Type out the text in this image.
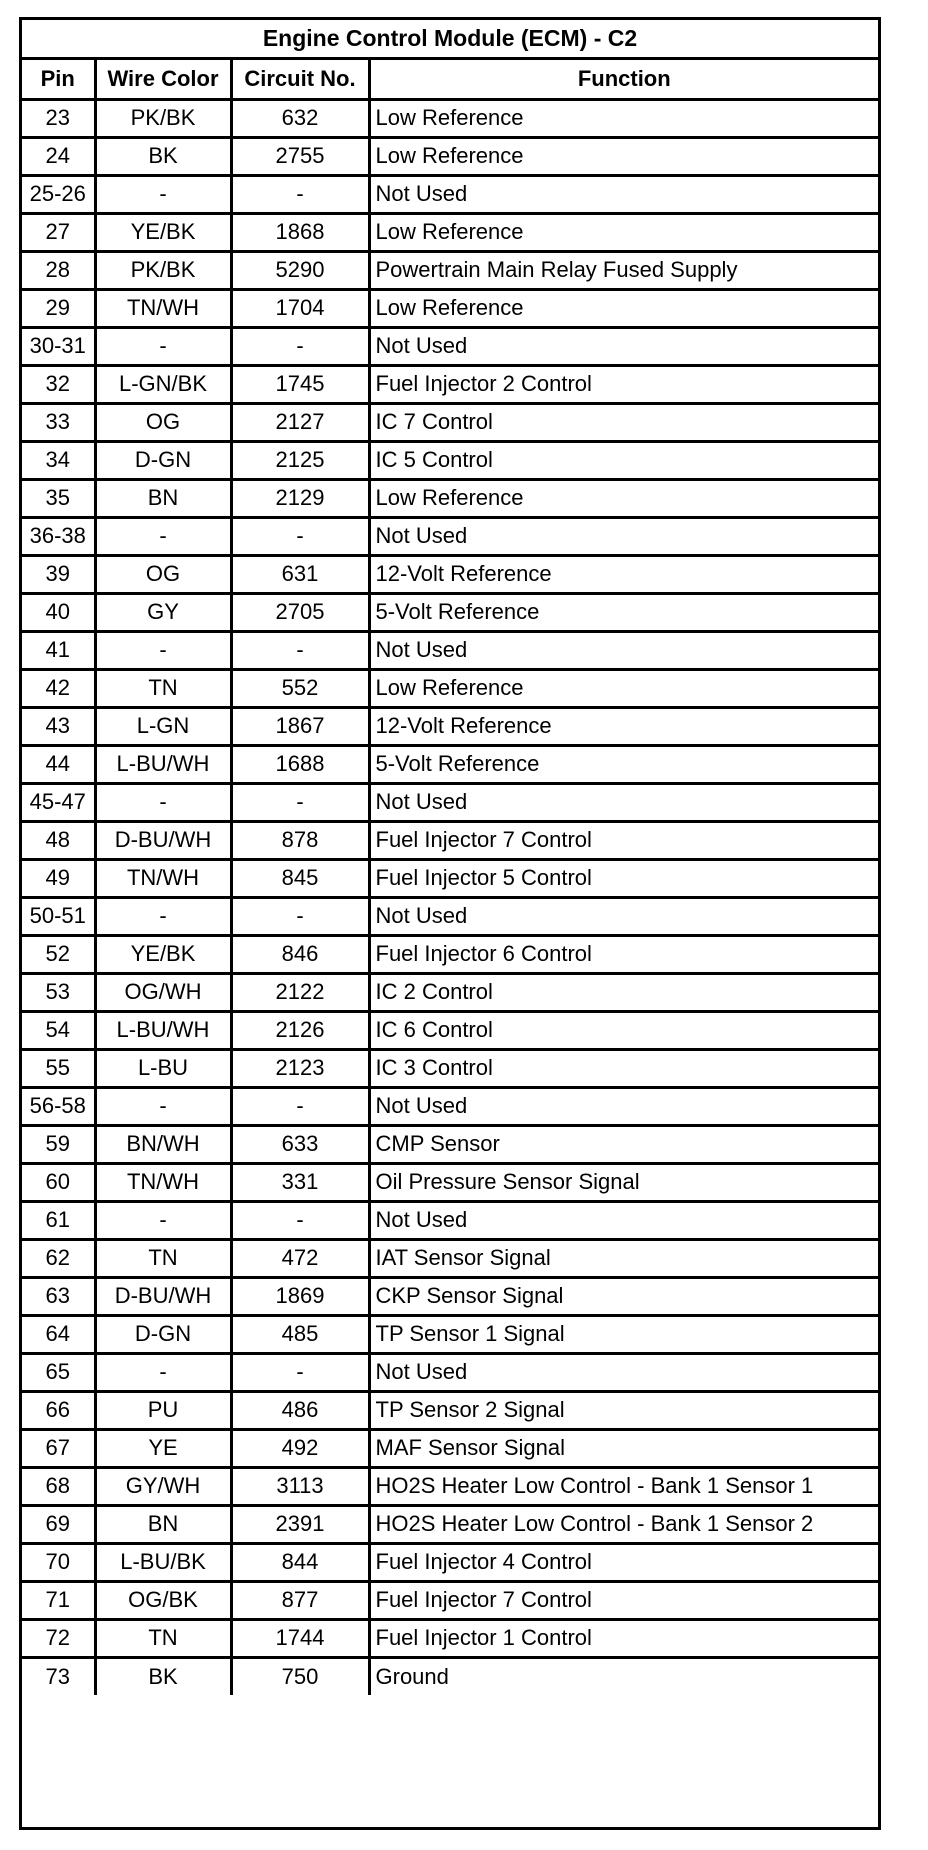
Engine Control Module (ECM) - C2
Pin	Wire Color	Circuit No.	Function
23	PK/BK	632	Low Reference
24	BK	2755	Low Reference
25-26	-	-	Not Used
27	YE/BK	1868	Low Reference
28	PK/BK	5290	Powertrain Main Relay Fused Supply
29	TN/WH	1704	Low Reference
30-31	-	-	Not Used
32	L-GN/BK	1745	Fuel Injector 2 Control
33	OG	2127	IC 7 Control
34	D-GN	2125	IC 5 Control
35	BN	2129	Low Reference
36-38	-	-	Not Used
39	OG	631	12-Volt Reference
40	GY	2705	5-Volt Reference
41	-	-	Not Used
42	TN	552	Low Reference
43	L-GN	1867	12-Volt Reference
44	L-BU/WH	1688	5-Volt Reference
45-47	-	-	Not Used
48	D-BU/WH	878	Fuel Injector 7 Control
49	TN/WH	845	Fuel Injector 5 Control
50-51	-	-	Not Used
52	YE/BK	846	Fuel Injector 6 Control
53	OG/WH	2122	IC 2 Control
54	L-BU/WH	2126	IC 6 Control
55	L-BU	2123	IC 3 Control
56-58	-	-	Not Used
59	BN/WH	633	CMP Sensor
60	TN/WH	331	Oil Pressure Sensor Signal
61	-	-	Not Used
62	TN	472	IAT Sensor Signal
63	D-BU/WH	1869	CKP Sensor Signal
64	D-GN	485	TP Sensor 1 Signal
65	-	-	Not Used
66	PU	486	TP Sensor 2 Signal
67	YE	492	MAF Sensor Signal
68	GY/WH	3113	HO2S Heater Low Control - Bank 1 Sensor 1
69	BN	2391	HO2S Heater Low Control - Bank 1 Sensor 2
70	L-BU/BK	844	Fuel Injector 4 Control
71	OG/BK	877	Fuel Injector 7 Control
72	TN	1744	Fuel Injector 1 Control
73	BK	750	Ground
